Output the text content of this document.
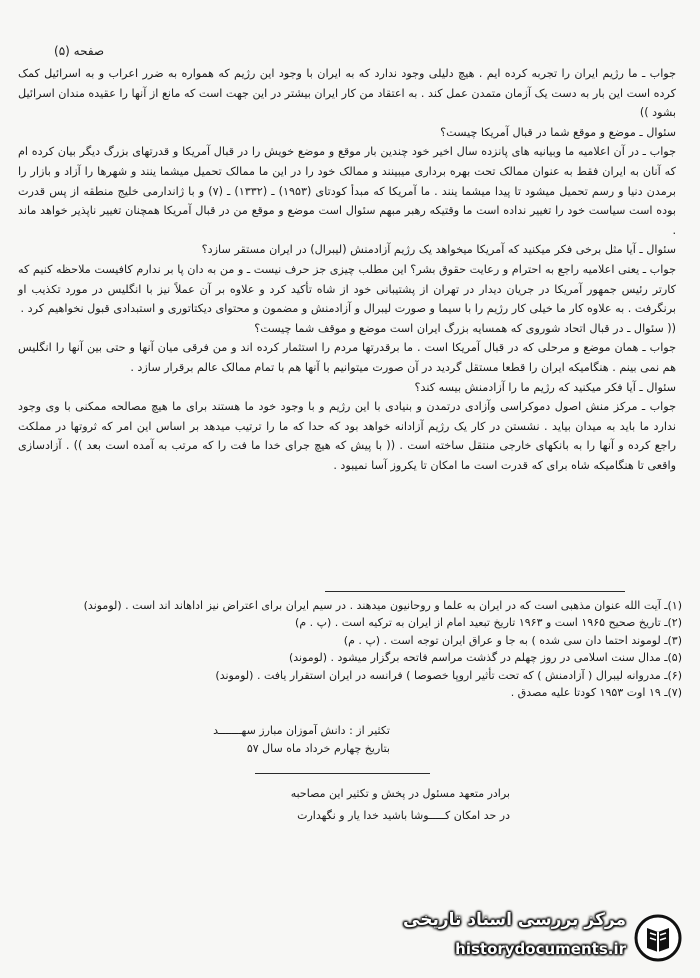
صفحه (۵)

جواب ـ ما رژیم ایران را تجربه کرده ایم . هیچ دلیلی وجود ندارد که به ایران با وجود این رژیم که همواره به ضرر اعراب و به اسرائیل کمک کرده است این بار به دست یک آزمان متمدن عمل کند . به اعتقاد من کار ایران بیشتر در این جهت است که مانع از آنها را عقیده مندان اسرائیل بشود ))

سئوال ـ موضع و موقع شما در قبال آمریکا چیست؟

جواب ـ در آن اعلامیه ما وبیانیه های پانزده سال اخیر خود چندین بار موقع و موضع خویش را در قبال آمریکا و قدرتهای بزرگ دیگر بیان کرده ام که آنان به ایران فقط به عنوان ممالک تحت بهره برداری میبینند و ممالک خود را در این ما ممالک تحمیل میشما ینند و شهرها را آزاد و بازار را برمدن دنیا و رسم تحمیل میشود تا پیدا میشما ینند . ما آمریکا که مبدأ کودتای (۱۹۵۳) ـ (۱۳۳۲) ـ (۷) و با ژاندارمی خلیج منطقه از پس قدرت بوده است سیاست خود را تغییر نداده است ما وقتیکه رهبر مبهم سئوال است موضع و موقع من در قبال آمریکا همچنان تغییر ناپذیر خواهد ماند .

سئوال ـ آیا مثل برخی فکر میکنید که آمریکا میخواهد یک رژیم آزادمنش (لیبرال) در ایران مستقر سازد؟

جواب ـ یعنی اعلامیه راجع به احترام و رعایت حقوق بشر؟ این مطلب چیزی جز حرف نیست ـ و من به دان پا بر ندارم کافیست ملاحظه کنیم که کارتر رئیس جمهور آمریکا در جریان دیدار در تهران از پشتیبانی خود از شاه تأکید کرد و علاوه بر آن عملاً نیز با انگلیس در مورد تکذیب او برنگرفت . به علاوه کار ما خیلی کار رژیم را با سیما و صورت لیبرال و آزادمنش و مضمون و محتوای دیکتاتوری و استبدادی قبول نخواهیم کرد .

(( سئوال ـ در قبال اتحاد شوروی که همسایه بزرگ ایران است موضع و موقف شما چیست؟

جواب ـ همان موضع و مرحلی که در قبال آمریکا است . ما برقدرتها مردم را استثمار کرده اند و من فرقی میان آنها و حتی بین آنها را انگلیس هم نمی بینم . هنگامیکه ایران را قطعا مستقل گردید در آن صورت میتوانیم با آنها هم با تمام ممالک عالم برقرار سازد .

سئوال ـ آیا فکر میکنید که رژیم ما را آزادمنش بیسه کند؟

جواب ـ مرکز منش اصول دموکراسی وآزادی درتمدن و بنیادی با این رژیم و با وجود خود ما هستند برای ما هیچ مصالحه ممکنی با وی وجود ندارد ما باید به میدان بیاید . نشستن در کار یک رژیم آزادانه خواهد بود که حدا که ما را ترتیب میدهد بر اساس این امر که ثروتها در مملکت راجع کرده و آنها را به بانکهای خارجی منتقل ساخته است . (( با پیش که هیچ جرای خدا ما فت را که مرتب به آمده است بعد )) . آزادسازی واقعی تا هنگامیکه شاه برای که قدرت است ما امکان تا یکروز آسا نمیبود .

(۱)ـ آیت الله عنوان مذهبی است که در ایران به علما و روحانیون میدهند . در سیم ایران برای اعتراض نیز اداهاند اند است . (لوموند)

(۲)ـ تاریخ صحیح ۱۹۶۵ است و ۱۹۶۳ تاریخ تبعید امام از ایران به ترکیه است . (پ . م)

(۳)ـ لوموند احتما دان سی شده ) به جا و عراق ایران توجه است . (پ . م)

(۵)ـ مدال سنت اسلامی در روز چهلم در گذشت مراسم فاتحه برگزار میشود . (لوموند)

(۶)ـ مدروانه لیبرال ( آزادمنش ) که تحت تأثیر اروپا خصوصا ) فرانسه در ایران استقرار یافت . (لوموند)

(۷)ـ ۱۹ اوت ۱۹۵۳ کودتا علیه مصدق .

تکثیر از : دانش آموزان مبارز سهـــــــد

بتاریخ چهارم خرداد ماه سال ۵۷

برادر متعهد مسئول در پخش و تکثیر این مصاحبه

در حد امکان کـــــوشا باشید خدا یار و نگهدارت

مرکز بررسی اسناد تاریخی
historydocuments.ir
